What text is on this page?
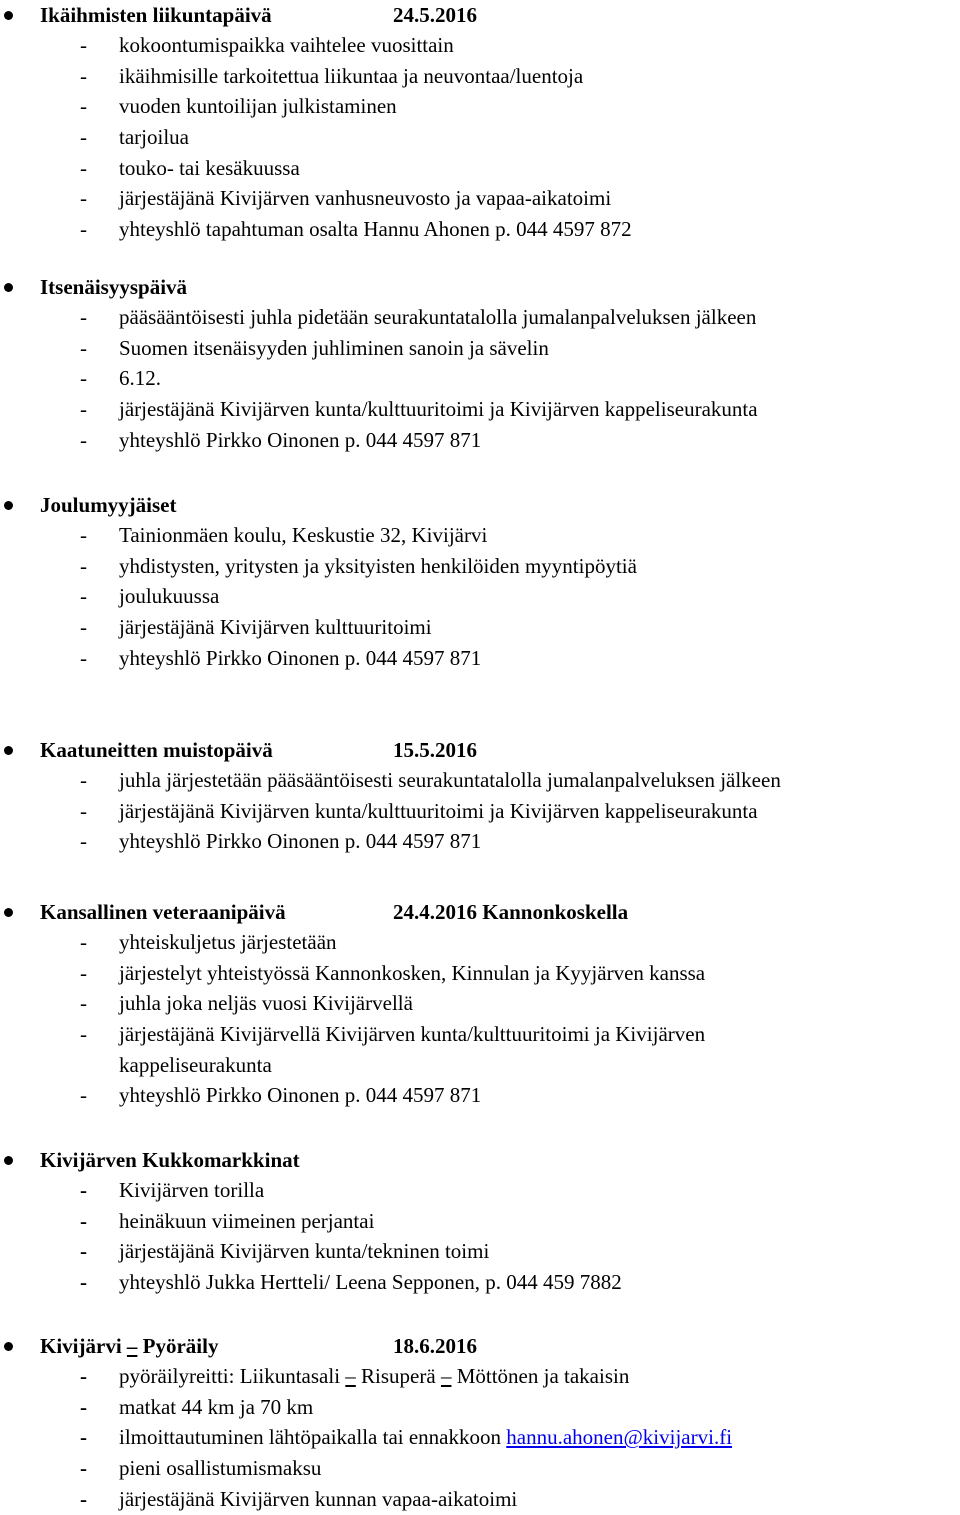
Ikäihmisten liikuntapäivä	24.5.2016
- kokoontumispaikka vaihtelee vuosittain
- ikäihmisille tarkoitettua liikuntaa ja neuvontaa/luentoja
- vuoden kuntoilijan julkistaminen
- tarjoilua
- touko- tai kesäkuussa
- järjestäjänä Kivijärven vanhusneuvosto ja vapaa-aikatoimi
- yhteyshlö tapahtuman osalta Hannu Ahonen p. 044 4597 872
Itsenäisyyspäivä
- pääsääntöisesti juhla pidetään seurakuntatalolla jumalanpalveluksen jälkeen
- Suomen itsenäisyyden juhliminen sanoin ja sävelin
- 6.12.
- järjestäjänä Kivijärven kunta/kulttuuritoimi ja Kivijärven kappeliseurakunta
- yhteyshlö Pirkko Oinonen p. 044 4597 871
Joulumyyjäiset
- Tainionmäen koulu, Keskustie 32, Kivijärvi
- yhdistysten, yritysten ja yksityisten henkilöiden myyntipöytiä
- joulukuussa
- järjestäjänä Kivijärven kulttuuritoimi
- yhteyshlö Pirkko Oinonen p. 044 4597 871
Kaatuneitten muistopäivä	15.5.2016
- juhla järjestetään pääsääntöisesti seurakuntatalolla jumalanpalveluksen jälkeen
- järjestäjänä Kivijärven kunta/kulttuuritoimi ja Kivijärven kappeliseurakunta
- yhteyshlö Pirkko Oinonen p. 044 4597 871
Kansallinen veteraanipäivä	24.4.2016 Kannonkoskella
- yhteiskuljetus järjestetään
- järjestelyt yhteistyössä Kannonkosken, Kinnulan ja Kyyjärven kanssa
- juhla joka neljäs vuosi Kivijärvellä
- järjestäjänä Kivijärvellä Kivijärven kunta/kulttuuritoimi ja Kivijärven
kappeliseurakunta
- yhteyshlö Pirkko Oinonen p. 044 4597 871
Kivijärven Kukkomarkkinat
- Kivijärven torilla
- heinäkuun viimeinen perjantai
- järjestäjänä Kivijärven kunta/tekninen toimi
- yhteyshlö Jukka Hertteli/ Leena Sepponen, p. 044 459 7882
Kivijärvi – Pyöräily	18.6.2016
- pyöräilyreitti: Liikuntasali – Risuperä – Möttönen ja takaisin
- matkat 44 km ja 70 km
- ilmoittautuminen lähtöpaikalla tai ennakkoon hannu.ahonen@kivijarvi.fi
- pieni osallistumismaksu
- järjestäjänä Kivijärven kunnan vapaa-aikatoimi
